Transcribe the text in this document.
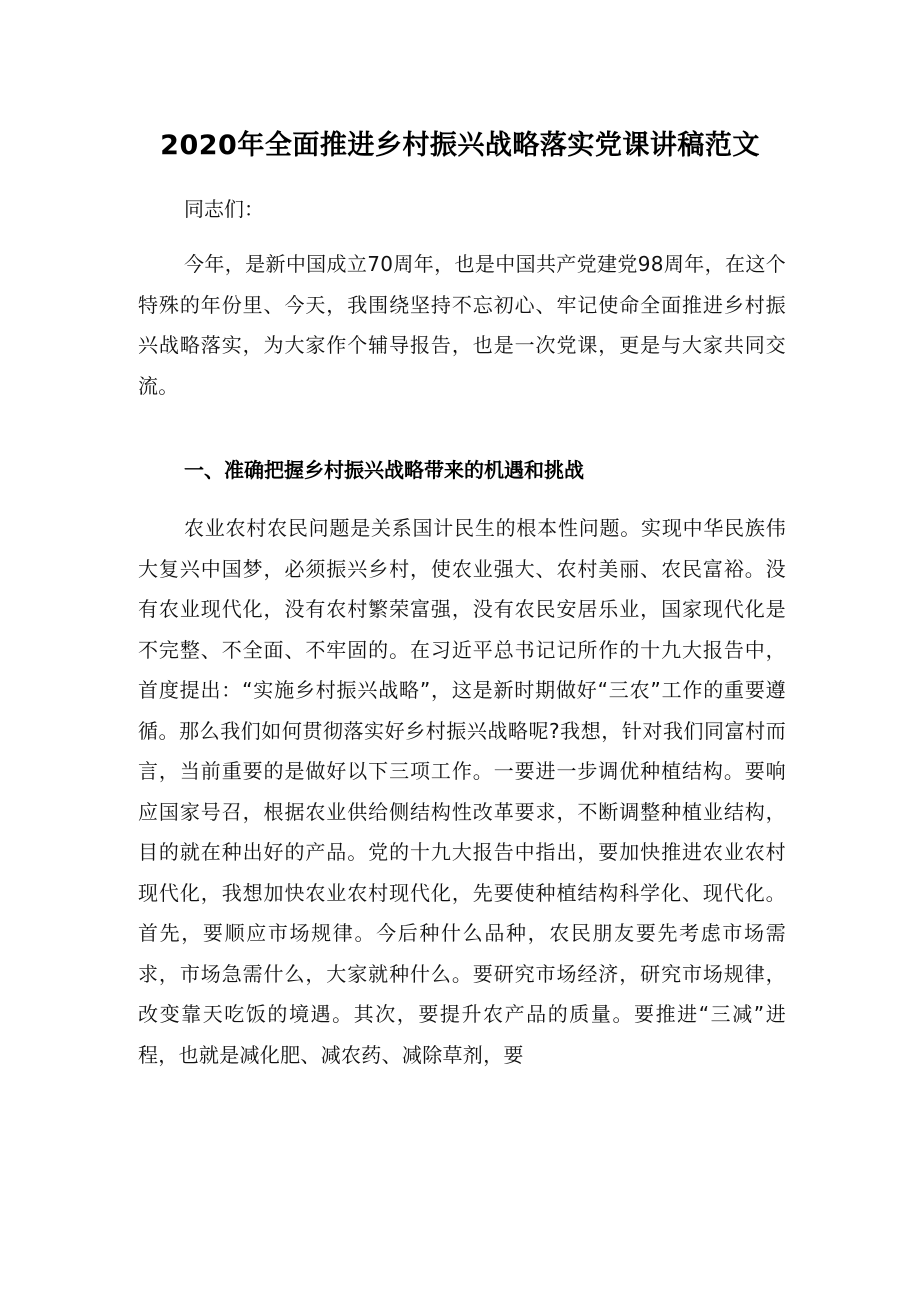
2020年全面推进乡村振兴战略落实党课讲稿范文

同志们：

今年，是新中国成立70周年，也是中国共产党建党98周年，在这个特殊的年份里、今天，我围绕坚持不忘初心、牢记使命全面推进乡村振兴战略落实，为大家作个辅导报告，也是一次党课，更是与大家共同交流。

一、准确把握乡村振兴战略带来的机遇和挑战

农业农村农民问题是关系国计民生的根本性问题。实现中华民族伟大复兴中国梦，必须振兴乡村，使农业强大、农村美丽、农民富裕。没有农业现代化，没有农村繁荣富强，没有农民安居乐业，国家现代化是不完整、不全面、不牢固的。在习近平总书记记所作的十九大报告中，首度提出：“实施乡村振兴战略”，这是新时期做好“三农”工作的重要遵循。那么我们如何贯彻落实好乡村振兴战略呢?我想，针对我们同富村而言，当前重要的是做好以下三项工作。一要进一步调优种植结构。要响应国家号召，根据农业供给侧结构性改革要求，不断调整种植业结构，目的就在种出好的产品。党的十九大报告中指出，要加快推进农业农村现代化，我想加快农业农村现代化，先要使种植结构科学化、现代化。首先，要顺应市场规律。今后种什么品种，农民朋友要先考虑市场需求，市场急需什么，大家就种什么。要研究市场经济，研究市场规律，改变靠天吃饭的境遇。其次，要提升农产品的质量。要推进“三减”进程，也就是减化肥、减农药、减除草剂，要
